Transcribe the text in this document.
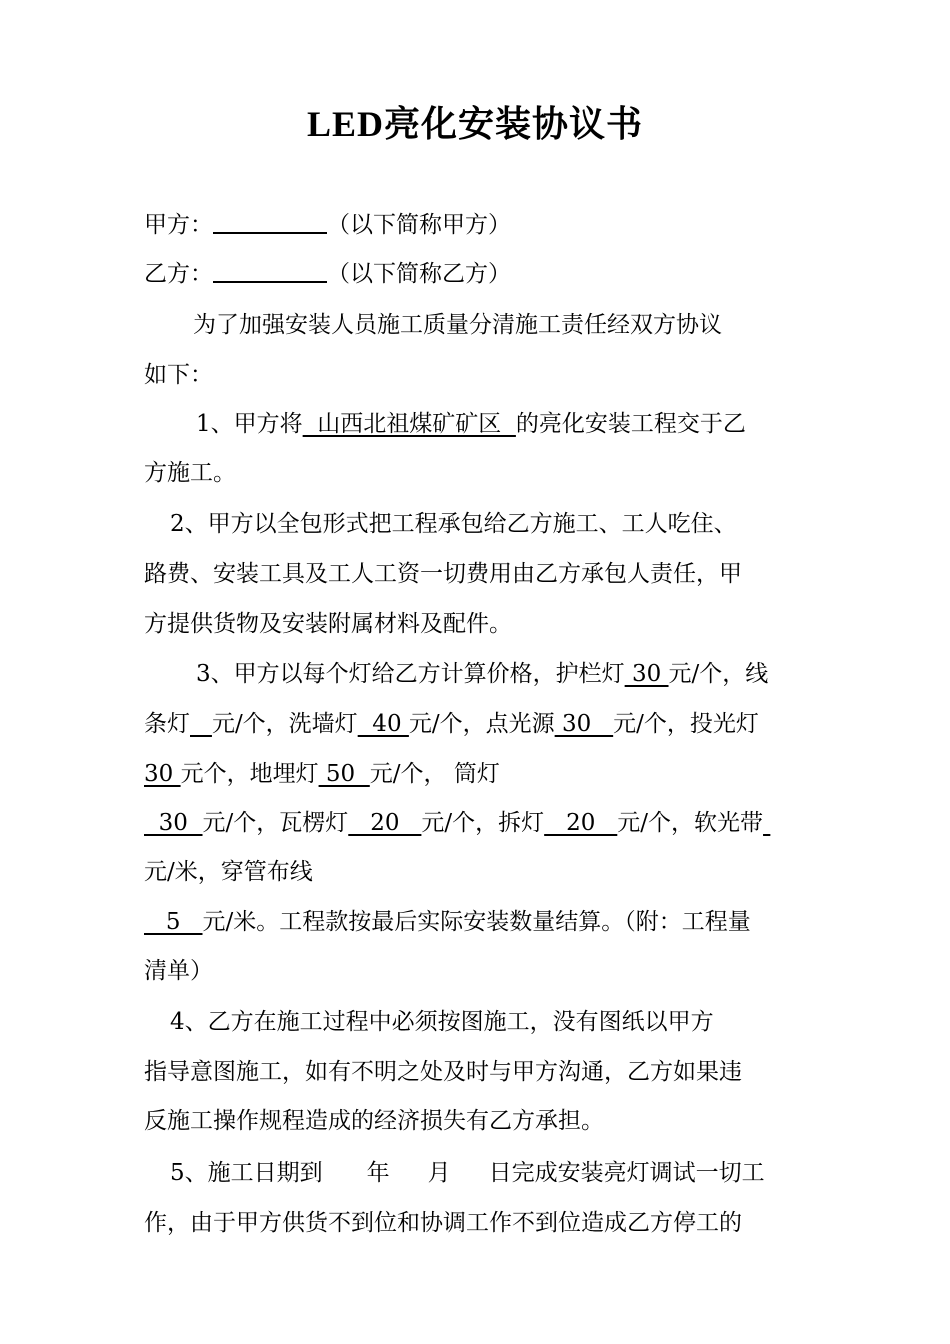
LED亮化安装协议书
甲方：	（以下简称甲方）
乙方：	（以下简称乙方）
为了加强安装人员施工质量分清施工责任经双方协议
如下：
1、甲方将  山西北祖煤矿矿区  的亮化安装工程交于乙
方施工。
2、甲方以全包形式把工程承包给乙方施工、工人吃住、
路费、安装工具及工人工资一切费用由乙方承包人责任，甲
方提供货物及安装附属材料及配件。
3、甲方以每个灯给乙方计算价格，护栏灯 30 元/个，线
条灯 元/个，洗墙灯  40 元/个，点光源 30   元/个，投光灯
30 元个，地埋灯 50  元/个， 筒灯
30  元/个，瓦楞灯   20   元/个，拆灯   20   元/个，软光带
元/米，穿管布线
5   元/米。工程款按最后实际安装数量结算。（附：工程量
清单）
4、乙方在施工过程中必须按图施工，没有图纸以甲方
指导意图施工，如有不明之处及时与甲方沟通，乙方如果违
反施工操作规程造成的经济损失有乙方承担。
5、施工日期到 年 月 日完成安装亮灯调试一切工
作，由于甲方供货不到位和协调工作不到位造成乙方停工的
